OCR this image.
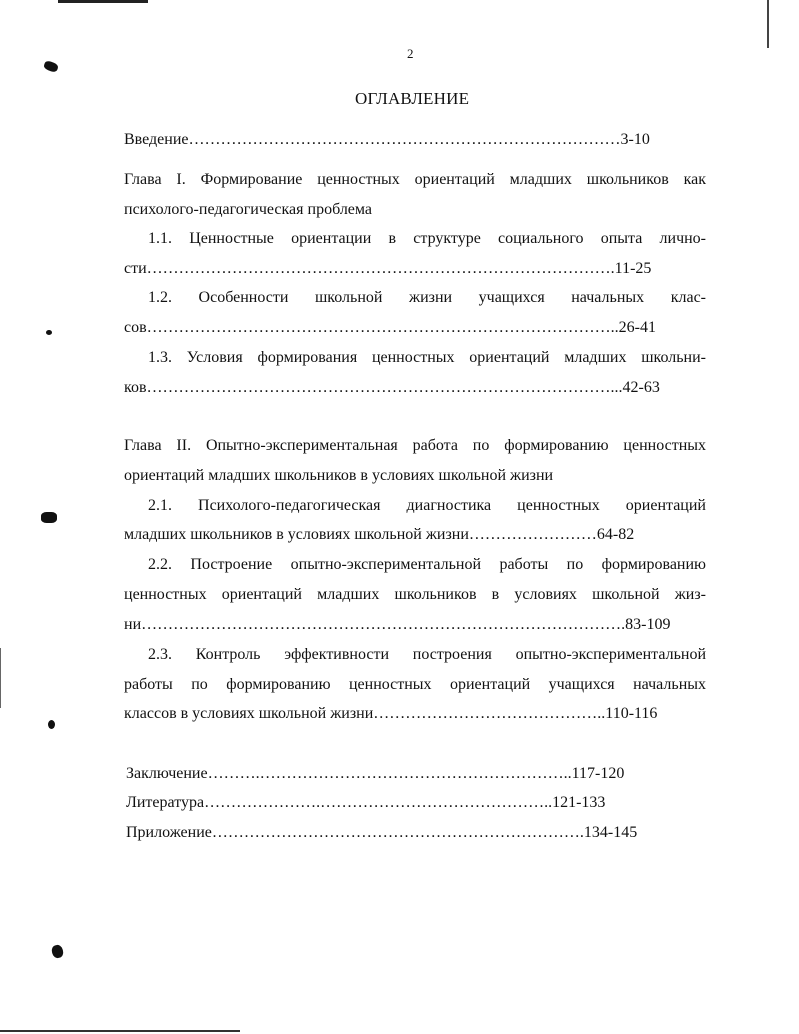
2
ОГЛАВЛЕНИЕ
Введение………………………………………………………………………3-10
Глава I. Формирование ценностных ориентаций младших школьников как
психолого-педагогическая проблема
1.1. Ценностные ориентации в структуре социального опыта лично-
сти…………………………………………………………………………….11-25
1.2. Особенности школьной жизни учащихся начальных клас-
сов……………………………………………………………………………..26-41
1.3. Условия формирования ценностных ориентаций младших школьни-
ков……………………………………………………………………………...42-63
Глава II. Опытно-экспериментальная работа по формированию ценностных
ориентаций младших школьников в условиях школьной жизни
2.1. Психолого-педагогическая диагностика ценностных ориентаций
младших школьников в условиях школьной жизни……………………64-82
2.2. Построение опытно-экспериментальной работы по формированию
ценностных ориентаций младших школьников в условиях школьной жиз-
ни……………………………………………………………………………….83-109
2.3. Контроль эффективности построения опытно-экспериментальной
работы по формированию ценностных ориентаций учащихся начальных
классов в условиях школьной жизни……………………………………..110-116
Заключение……….…………………………………………………..117-120
Литература………………….……………………………………..121-133
Приложение…………………………………………………………….134-145
